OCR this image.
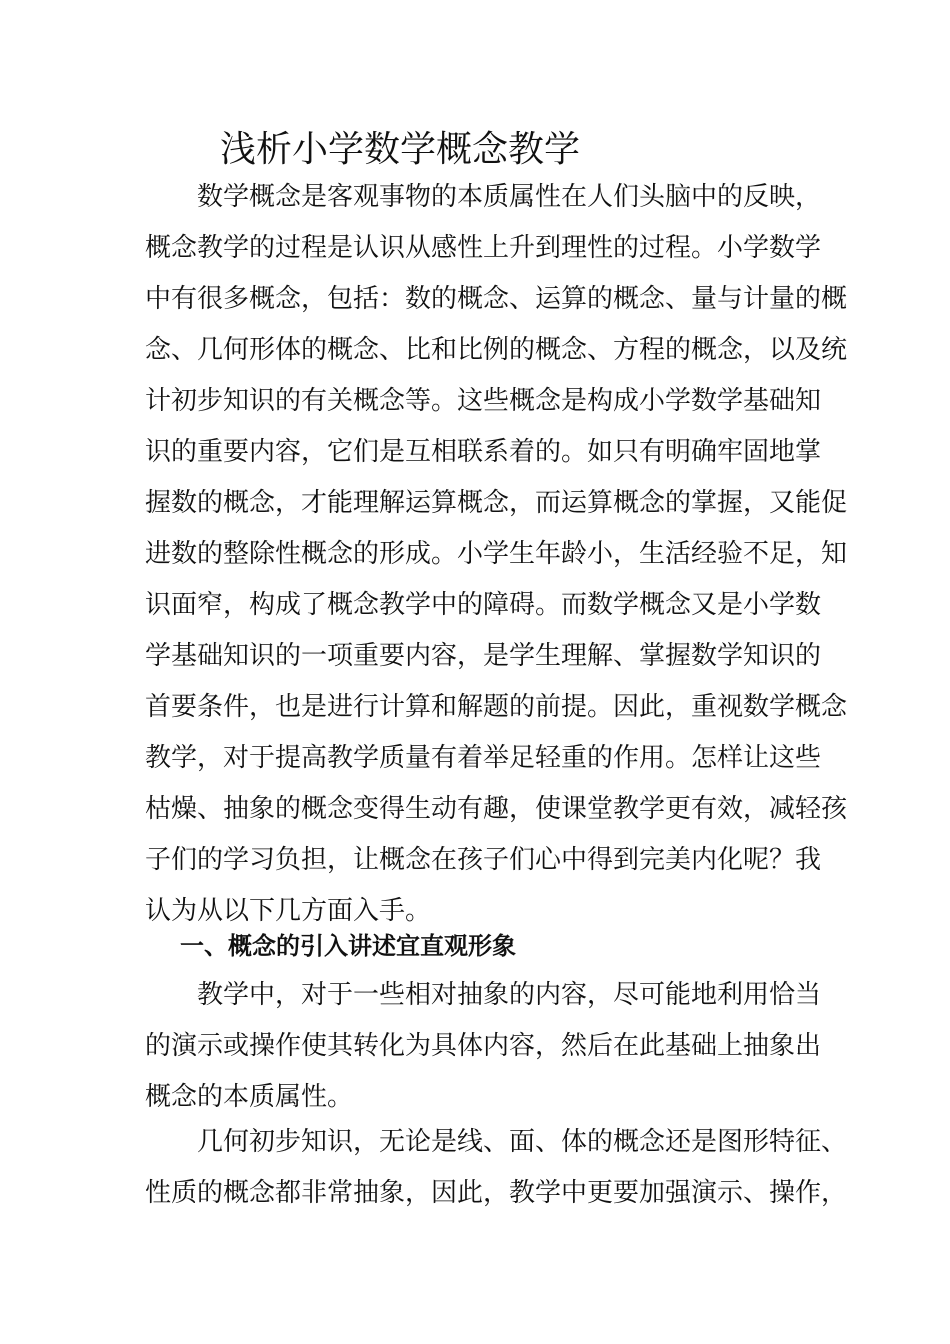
浅析小学数学概念教学
数学概念是客观事物的本质属性在人们头脑中的反映，
概念教学的过程是认识从感性上升到理性的过程。小学数学
中有很多概念，包括：数的概念、运算的概念、量与计量的概
念、几何形体的概念、比和比例的概念、方程的概念，以及统
计初步知识的有关概念等。这些概念是构成小学数学基础知
识的重要内容，它们是互相联系着的。如只有明确牢固地掌
握数的概念，才能理解运算概念，而运算概念的掌握，又能促
进数的整除性概念的形成。小学生年龄小，生活经验不足，知
识面窄，构成了概念教学中的障碍。而数学概念又是小学数
学基础知识的一项重要内容，是学生理解、掌握数学知识的
首要条件，也是进行计算和解题的前提。因此，重视数学概念
教学，对于提高教学质量有着举足轻重的作用。怎样让这些
枯燥、抽象的概念变得生动有趣，使课堂教学更有效，减轻孩
子们的学习负担，让概念在孩子们心中得到完美内化呢？我
认为从以下几方面入手。
一、概念的引入讲述宜直观形象
教学中，对于一些相对抽象的内容，尽可能地利用恰当
的演示或操作使其转化为具体内容，然后在此基础上抽象出
概念的本质属性。
几何初步知识，无论是线、面、体的概念还是图形特征、
性质的概念都非常抽象，因此，教学中更要加强演示、操作，
